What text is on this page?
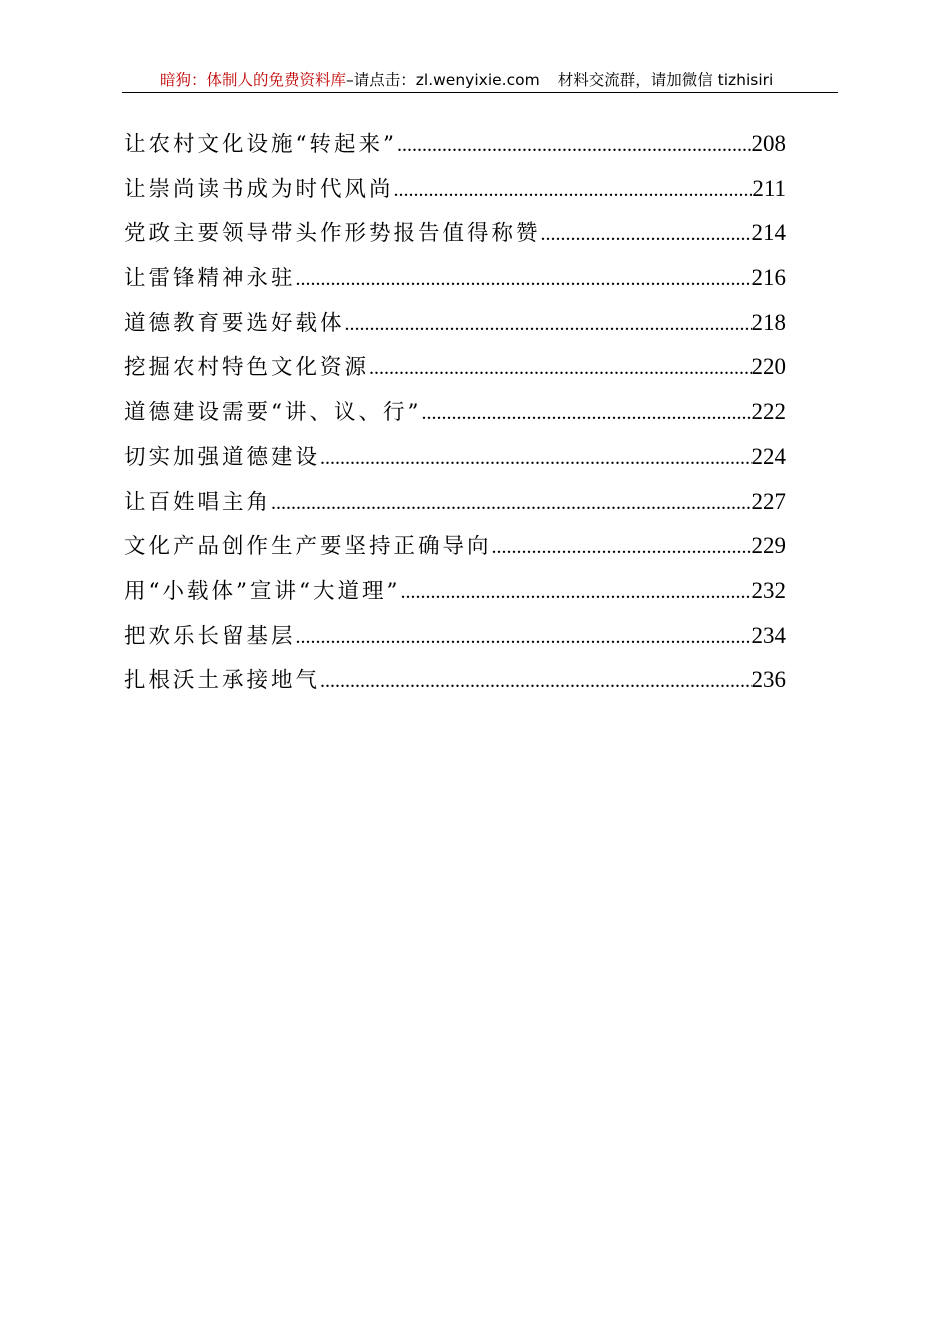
暗狗：体制人的免费资料库–请点击：zl.wenyixie.com 材料交流群，请加微信 tizhisiri
让农村文化设施“转起来” .....	208
让崇尚读书成为时代风尚 .....	211
党政主要领导带头作形势报告值得称赞 .....	214
让雷锋精神永驻 .....	216
道德教育要选好载体 .....	218
挖掘农村特色文化资源 .....	220
道德建设需要“讲、议、行” .....	222
切实加强道德建设 .....	224
让百姓唱主角 .....	227
文化产品创作生产要坚持正确导向 .....	229
用“小载体”宣讲“大道理” .....	232
把欢乐长留基层 .....	234
扎根沃土承接地气 .....	236
